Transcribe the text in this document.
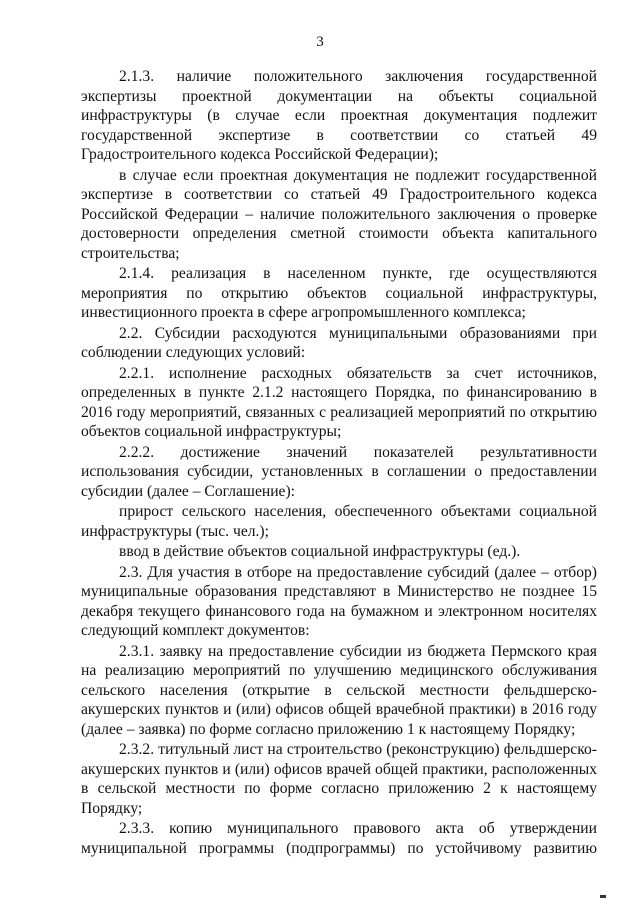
3

2.1.3. наличие положительного заключения государственной экспертизы проектной документации на объекты социальной инфраструктуры (в случае если проектная документация подлежит государственной экспертизе в соответствии со статьей 49 Градостроительного кодекса Российской Федерации);

в случае если проектная документация не подлежит государственной экспертизе в соответствии со статьей 49 Градостроительного кодекса Российской Федерации – наличие положительного заключения о проверке достоверности определения сметной стоимости объекта капитального строительства;

2.1.4. реализация в населенном пункте, где осуществляются мероприятия по открытию объектов социальной инфраструктуры, инвестиционного проекта в сфере агропромышленного комплекса;

2.2. Субсидии расходуются муниципальными образованиями при соблюдении следующих условий:

2.2.1. исполнение расходных обязательств за счет источников, определенных в пункте 2.1.2 настоящего Порядка, по финансированию в 2016 году мероприятий, связанных с реализацией мероприятий по открытию объектов социальной инфраструктуры;

2.2.2. достижение значений показателей результативности использования субсидии, установленных в соглашении о предоставлении субсидии (далее – Соглашение):

прирост сельского населения, обеспеченного объектами социальной инфраструктуры (тыс. чел.);

ввод в действие объектов социальной инфраструктуры (ед.).

2.3. Для участия в отборе на предоставление субсидий (далее – отбор) муниципальные образования представляют в Министерство не позднее 15 декабря текущего финансового года на бумажном и электронном носителях следующий комплект документов:

2.3.1. заявку на предоставление субсидии из бюджета Пермского края на реализацию мероприятий по улучшению медицинского обслуживания сельского населения (открытие в сельской местности фельдшерско-акушерских пунктов и (или) офисов общей врачебной практики) в 2016 году (далее – заявка) по форме согласно приложению 1 к настоящему Порядку;

2.3.2. титульный лист на строительство (реконструкцию) фельдшерско-акушерских пунктов и (или) офисов врачей общей практики, расположенных в сельской местности по форме согласно приложению 2 к настоящему Порядку;

2.3.3. копию муниципального правового акта об утверждении муниципальной программы (подпрограммы) по устойчивому развитию
